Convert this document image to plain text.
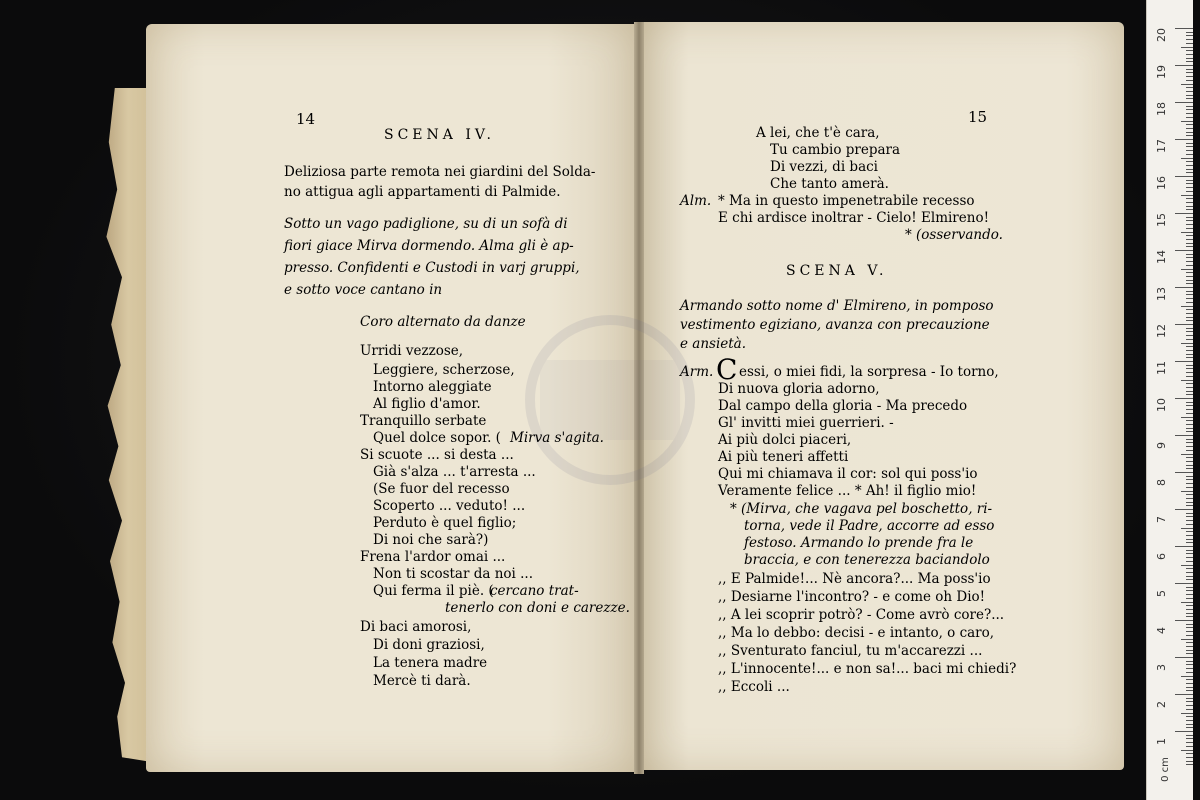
14
SCENA IV.
Deliziosa parte remota nei giardini del Solda-
no attigua agli appartamenti di Palmide.
Sotto un vago padiglione, su di un sofà di
fiori giace Mirva dormendo. Alma gli è ap-
presso. Confidenti e Custodi in varj gruppi,
e sotto voce cantano in
Coro alternato da danze
Urridi vezzose,
Leggiere, scherzose,
Intorno aleggiate
Al figlio d'amor.
Tranquillo serbate
Quel dolce sopor. ( Mirva s'agita.
Si scuote ... si desta ...
Già s'alza ... t'arresta ...
(Se fuor del recesso
Scoperto ... veduto! ...
Perduto è quel figlio;
Di noi che sarà?)
Frena l'ardor omai ...
Non ti scostar da noi ...
Qui ferma il piè. (
cercano trat-
tenerlo con doni e carezze.
Di baci amorosi,
Di doni graziosi,
La tenera madre
Mercè ti darà.
15
A lei, che t'è cara,
Tu cambio prepara
Di vezzi, di baci
Che tanto amerà.
Alm. * Ma in questo impenetrabile recesso
E chi ardisce inoltrar - Cielo! Elmireno!
* (osservando.
SCENA V.
Armando sotto nome d' Elmireno, in pomposo
vestimento egiziano, avanza con precauzione
e ansietà.
Arm. C essi, o miei fidi, la sorpresa - Io torno,
Di nuova gloria adorno,
Dal campo della gloria - Ma precedo
Gl' invitti miei guerrieri. -
Ai più dolci piaceri,
Ai più teneri affetti
Qui mi chiamava il cor: sol qui poss'io
Veramente felice ... * Ah! il figlio mio!
* (Mirva, che vagava pel boschetto, ri-
torna, vede il Padre, accorre ad esso
festoso. Armando lo prende fra le
braccia, e con tenerezza baciandolo
,, E Palmide!... Nè ancora?... Ma poss'io
,, Desiarne l'incontro? - e come oh Dio!
,, A lei scoprir potrò? - Come avrò core?...
,, Ma lo debbo: decisi - e intanto, o caro,
,, Sventurato fanciul, tu m'accarezzi ...
,, L'innocente!... e non sa!... baci mi chiedi?
,, Eccoli ...
0 cm
20
19
18
17
16
15
14
13
12
11
10
9
8
7
6
5
4
3
2
1
